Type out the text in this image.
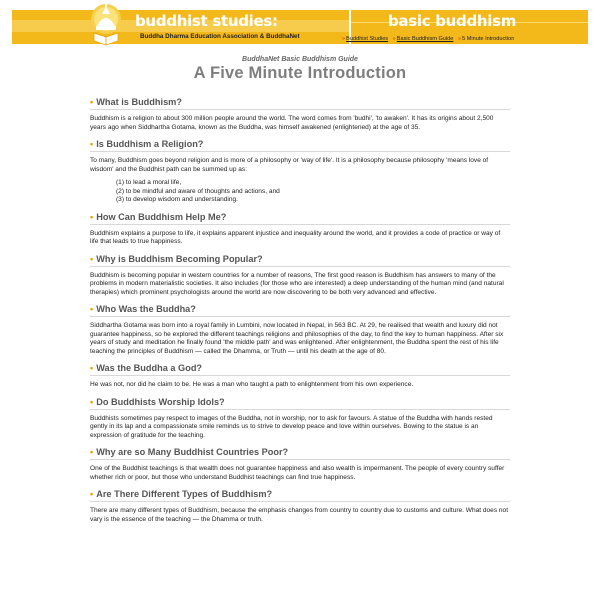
buddhist studies:
Buddha Dharma Education Association & BuddhaNet
basic buddhism
»Buddhist Studies »Basic Buddhism Guide »5 Minute Introduction
BuddhaNet Basic Buddhism Guide
A Five Minute Introduction
• What is Buddhism?

Buddhism is a religion to about 300 million people around the world. The word comes from 'budhi', 'to awaken'. It has its origins about 2,500 years ago when Siddhartha Gotama, known as the Buddha, was himself awakened (enlightened) at the age of 35.

• Is Buddhism a Religion?

To many, Buddhism goes beyond religion and is more of a philosophy or 'way of life'. It is a philosophy because philosophy 'means love of wisdom' and the Buddhist path can be summed up as:

(1) to lead a moral life,
(2) to be mindful and aware of thoughts and actions, and
(3) to develop wisdom and understanding.
• How Can Buddhism Help Me?

Buddhism explains a purpose to life, it explains apparent injustice and inequality around the world, and it provides a code of practice or way of life that leads to true happiness.

• Why is Buddhism Becoming Popular?

Buddhism is becoming popular in western countries for a number of reasons, The first good reason is Buddhism has answers to many of the problems in modern materialistic societies. It also includes (for those who are interested) a deep understanding of the human mind (and natural therapies) which prominent psychologists around the world are now discovering to be both very advanced and effective.

• Who Was the Buddha?

Siddhartha Gotama was born into a royal family in Lumbini, now located in Nepal, in 563 BC. At 29, he realised that wealth and luxury did not guarantee happiness, so he explored the different teachings religions and philosophies of the day, to find the key to human happiness. After six years of study and meditation he finally found 'the middle path' and was enlightened. After enlightenment, the Buddha spent the rest of his life teaching the principles of Buddhism — called the Dhamma, or Truth — until his death at the age of 80.

• Was the Buddha a God?

He was not, nor did he claim to be. He was a man who taught a path to enlightenment from his own experience.

• Do Buddhists Worship Idols?

Buddhists sometimes pay respect to images of the Buddha, not in worship, nor to ask for favours. A statue of the Buddha with hands rested gently in its lap and a compassionate smile reminds us to strive to develop peace and love within ourselves. Bowing to the statue is an expression of gratitude for the teaching.

• Why are so Many Buddhist Countries Poor?

One of the Buddhist teachings is that wealth does not guarantee happiness and also wealth is impermanent. The people of every country suffer whether rich or poor, but those who understand Buddhist teachings can find true happiness.

• Are There Different Types of Buddhism?

There are many different types of Buddhism, because the emphasis changes from country to country due to customs and culture. What does not vary is the essence of the teaching — the Dhamma or truth.
